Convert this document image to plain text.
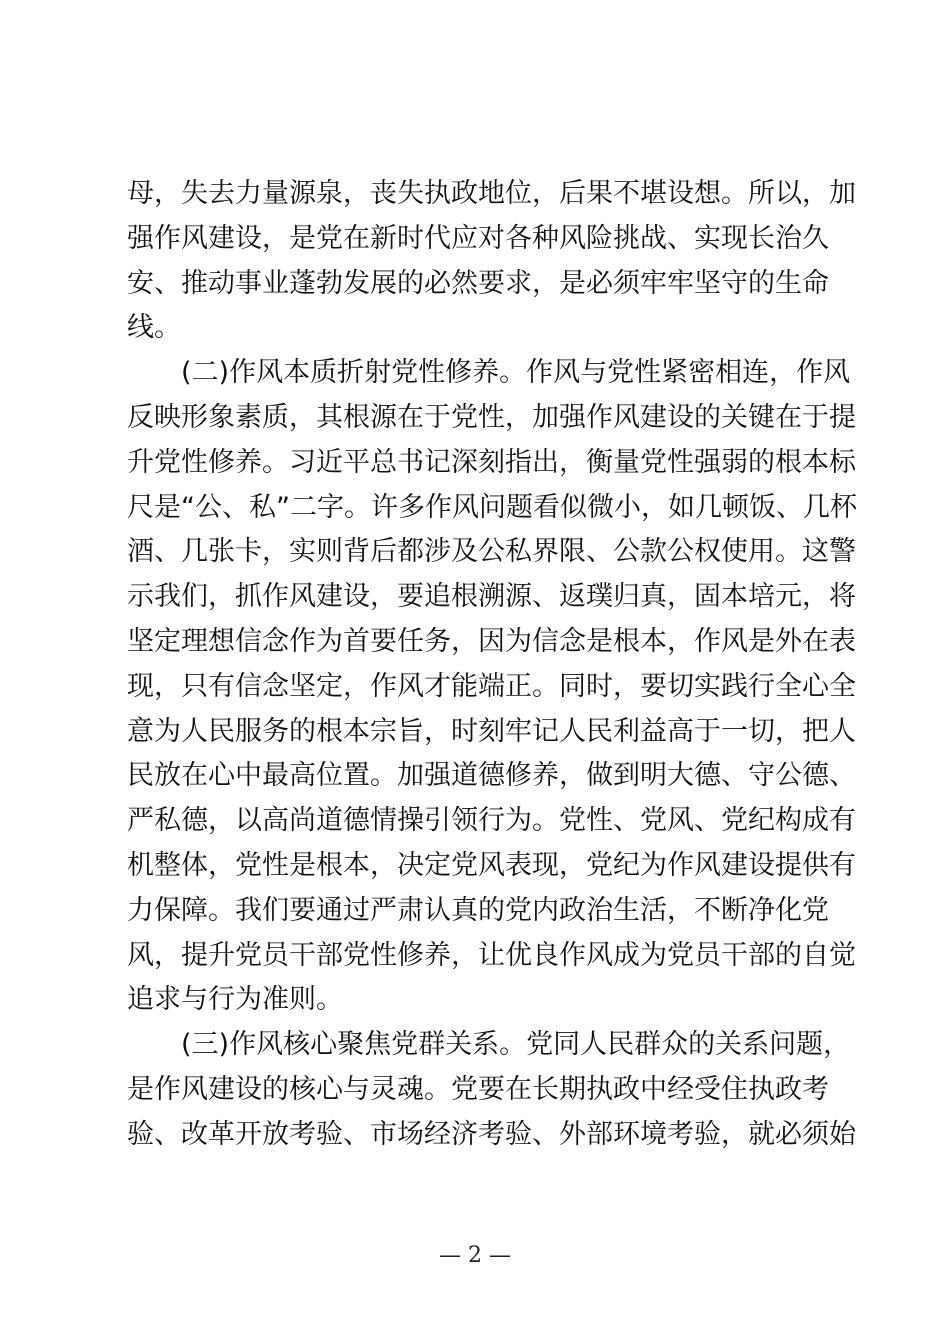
母，失去力量源泉，丧失执政地位，后果不堪设想。所以，加
强作风建设，是党在新时代应对各种风险挑战、实现长治久
安、推动事业蓬勃发展的必然要求，是必须牢牢坚守的生命
线。
　　(二)作风本质折射党性修养。作风与党性紧密相连，作风
反映形象素质，其根源在于党性，加强作风建设的关键在于提
升党性修养。习近平总书记深刻指出，衡量党性强弱的根本标
尺是“公、私”二字。许多作风问题看似微小，如几顿饭、几杯
酒、几张卡，实则背后都涉及公私界限、公款公权使用。这警
示我们，抓作风建设，要追根溯源、返璞归真，固本培元，将
坚定理想信念作为首要任务，因为信念是根本，作风是外在表
现，只有信念坚定，作风才能端正。同时，要切实践行全心全
意为人民服务的根本宗旨，时刻牢记人民利益高于一切，把人
民放在心中最高位置。加强道德修养，做到明大德、守公德、
严私德，以高尚道德情操引领行为。党性、党风、党纪构成有
机整体，党性是根本，决定党风表现，党纪为作风建设提供有
力保障。我们要通过严肃认真的党内政治生活，不断净化党
风，提升党员干部党性修养，让优良作风成为党员干部的自觉
追求与行为准则。
　　(三)作风核心聚焦党群关系。党同人民群众的关系问题，
是作风建设的核心与灵魂。党要在长期执政中经受住执政考
验、改革开放考验、市场经济考验、外部环境考验，就必须始
— 2 —
